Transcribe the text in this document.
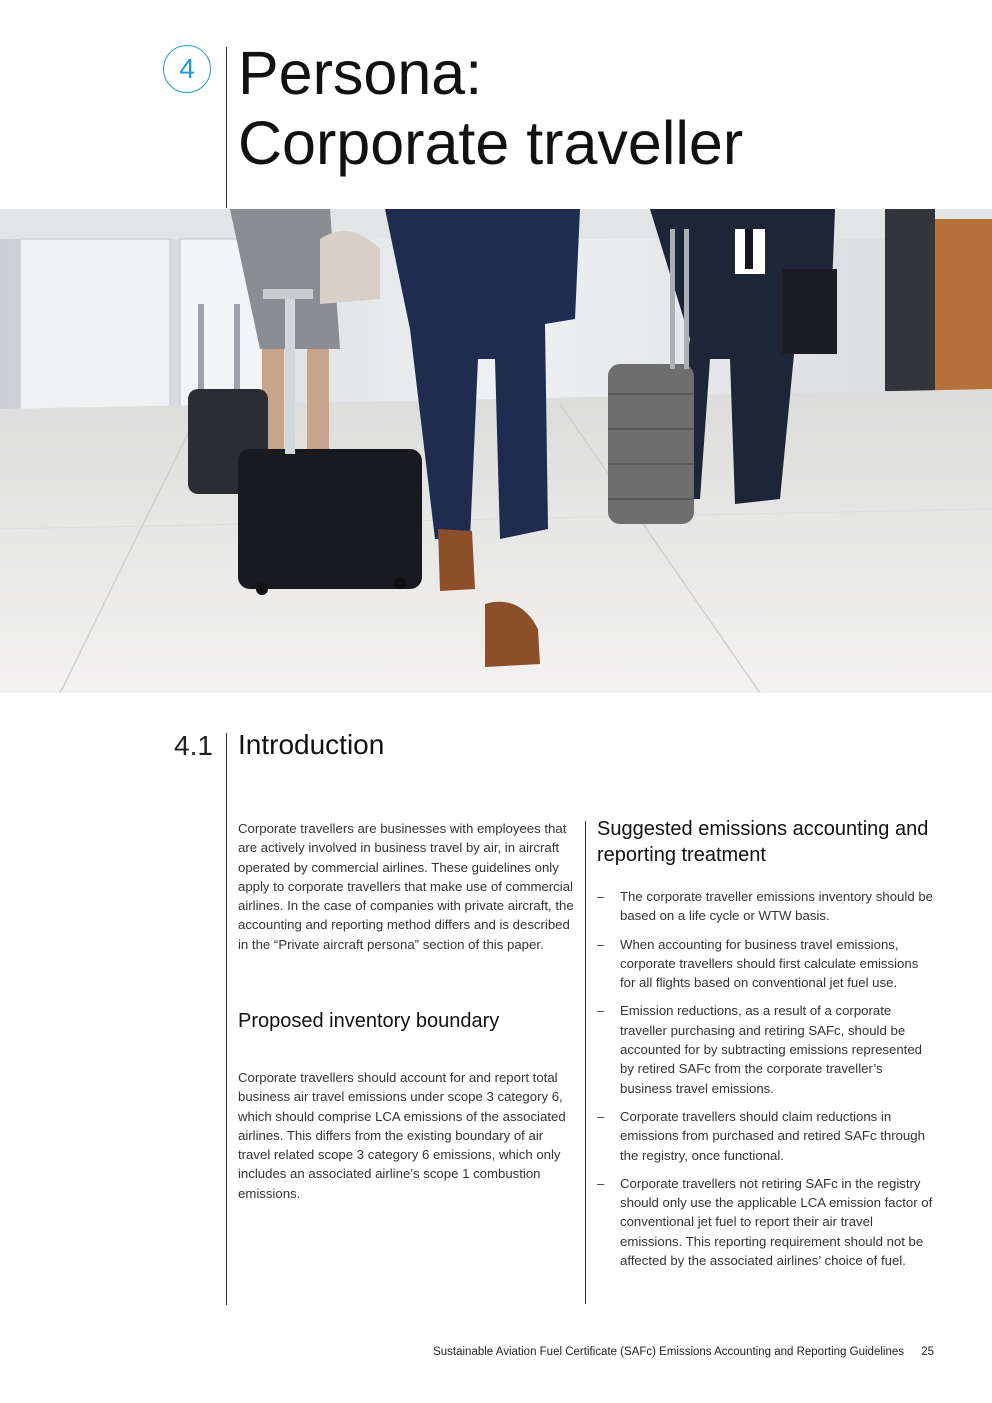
4 Persona:
Corporate traveller
4.1 Introduction

Corporate travellers are businesses with employees that are actively involved in business travel by air, in aircraft operated by commercial airlines. These guidelines only apply to corporate travellers that make use of commercial airlines. In the case of companies with private aircraft, the accounting and reporting method differs and is described in the “Private aircraft persona” section of this paper.

Proposed inventory boundary

Corporate travellers should account for and report total business air travel emissions under scope 3 category 6, which should comprise LCA emissions of the associated airlines. This differs from the existing boundary of air travel related scope 3 category 6 emissions, which only includes an associated airline’s scope 1 combustion emissions.

Suggested emissions accounting and reporting treatment
– The corporate traveller emissions inventory should be based on a life cycle or WTW basis.
– When accounting for business travel emissions, corporate travellers should first calculate emissions for all flights based on conventional jet fuel use.
– Emission reductions, as a result of a corporate traveller purchasing and retiring SAFc, should be accounted for by subtracting emissions represented by retired SAFc from the corporate traveller’s business travel emissions.
– Corporate travellers should claim reductions in emissions from purchased and retired SAFc through the registry, once functional.
– Corporate travellers not retiring SAFc in the registry should only use the applicable LCA emission factor of conventional jet fuel to report their air travel emissions. This reporting requirement should not be affected by the associated airlines’ choice of fuel.
Sustainable Aviation Fuel Certificate (SAFc) Emissions Accounting and Reporting Guidelines 25
